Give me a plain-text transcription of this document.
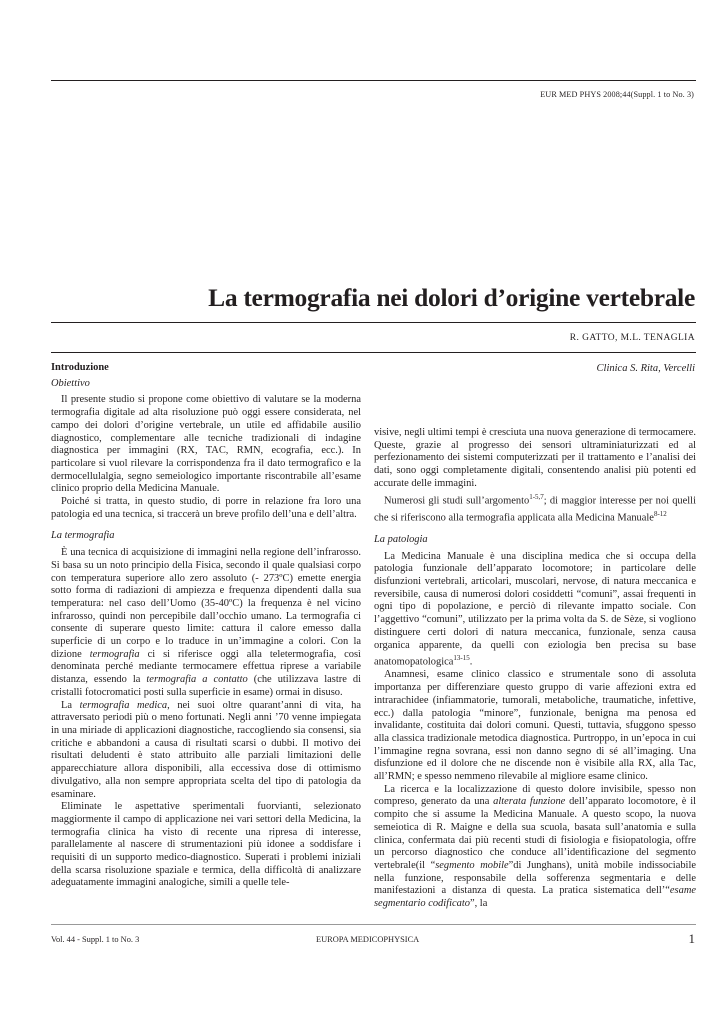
EUR MED PHYS 2008;44(Suppl. 1 to No. 3)
La termografia nei dolori d’origine vertebrale
R. GATTO, M.L. TENAGLIA
Clinica S. Rita, Vercelli

Introduzione

Obiettivo

Il presente studio si propone come obiettivo di valutare se la moderna termografia digitale ad alta risoluzione può oggi essere considerata, nel campo dei dolori d’origine vertebrale, un utile ed affidabile ausilio diagnostico, complementare alle tecniche tradizionali di indagine diagnostica per immagini (RX, TAC, RMN, ecografia, ecc.). In particolare si vuol rilevare la corrispondenza fra il dato termografico e la dermocellulalgia, segno semeiologico importante riscontrabile all’esame clinico proprio della Medicina Manuale.

Poiché si tratta, in questo studio, di porre in relazione fra loro una patologia ed una tecnica, si traccerà un breve profilo dell’una e dell’altra.

La termografia

È una tecnica di acquisizione di immagini nella regione dell’infrarosso. Si basa su un noto principio della Fisica, secondo il quale qualsiasi corpo con temperatura superiore allo zero assoluto (- 273ºC) emette energia sotto forma di radiazioni di ampiezza e frequenza dipendenti dalla sua temperatura: nel caso dell’Uomo (35-40ºC) la frequenza è nel vicino infrarosso, quindi non percepibile dall’occhio umano. La termografia ci consente di superare questo limite: cattura il calore emesso dalla superficie di un corpo e lo traduce in un’immagine a colori. Con la dizione termografia ci si riferisce oggi alla teletermografia, così denominata perché mediante termocamere effettua riprese a variabile distanza, essendo la termografia a contatto (che utilizzava lastre di cristalli fotocromatici posti sulla superficie in esame) ormai in disuso.

La termografia medica, nei suoi oltre quarant’anni di vita, ha attraversato periodi più o meno fortunati. Negli anni ’70 venne impiegata in una miriade di applicazioni diagnostiche, raccogliendo sia consensi, sia critiche e abbandoni a causa di risultati scarsi o dubbi. Il motivo dei risultati deludenti è stato attribuito alle parziali limitazioni delle apparecchiature allora disponibili, alla eccessiva dose di ottimismo divulgativo, alla non sempre appropriata scelta del tipo di patologia da esaminare.

Eliminate le aspettative sperimentali fuorvianti, selezionato maggiormente il campo di applicazione nei vari settori della Medicina, la termografia clinica ha visto di recente una ripresa di interesse, parallelamente al nascere di strumentazioni più idonee a soddisfare i requisiti di un supporto medico-diagnostico. Superati i problemi iniziali della scarsa risoluzione spaziale e termica, della difficoltà di analizzare adeguatamente immagini analogiche, simili a quelle tele-

visive, negli ultimi tempi è cresciuta una nuova generazione di termocamere. Queste, grazie al progresso dei sensori ultraminiaturizzati ed al perfezionamento dei sistemi computerizzati per il trattamento e l’analisi dei dati, sono oggi completamente digitali, consentendo analisi più potenti ed accurate delle immagini.

Numerosi gli studi sull’argomento$^{1-5,7}$; di maggior interesse per noi quelli che si riferiscono alla termografia applicata alla Medicina Manuale$^{8-12}$

La patologia

La Medicina Manuale è una disciplina medica che si occupa della patologia funzionale dell’apparato locomotore; in particolare delle disfunzioni vertebrali, articolari, muscolari, nervose, di natura meccanica e reversibile, causa di numerosi dolori cosiddetti “comuni”, assai frequenti in ogni tipo di popolazione, e perciò di rilevante impatto sociale. Con l’aggettivo “comuni”, utilizzato per la prima volta da S. de Sèze, si vogliono distinguere certi dolori di natura meccanica, funzionale, senza causa organica apparente, da quelli con eziologia ben precisa su base anatomopatologica$^{13-15}$.

Anamnesi, esame clinico classico e strumentale sono di assoluta importanza per differenziare questo gruppo di varie affezioni extra ed intrarachidee (infiammatorie, tumorali, metaboliche, traumatiche, infettive, ecc.) dalla patologia “minore”, funzionale, benigna ma penosa ed invalidante, costituita dai dolori comuni. Questi, tuttavia, sfuggono spesso alla classica tradizionale metodica diagnostica. Purtroppo, in un’epoca in cui l’immagine regna sovrana, essi non danno segno di sé all’imaging. Una disfunzione ed il dolore che ne discende non è visibile alla RX, alla Tac, all’RMN; e spesso nemmeno rilevabile al migliore esame clinico.

La ricerca e la localizzazione di questo dolore invisibile, spesso non compreso, generato da una alterata funzione dell’apparato locomotore, è il compito che si assume la Medicina Manuale. A questo scopo, la nuova semeiotica di R. Maigne e della sua scuola, basata sull’anatomia e sulla clinica, confermata dai più recenti studi di fisiologia e fisiopatologia, offre un percorso diagnostico che conduce all’identificazione del segmento vertebrale(il “segmento mobile”di Junghans), unità mobile indissociabile nella funzione, responsabile della sofferenza segmentaria e delle manifestazioni a distanza di questa. La pratica sistematica dell’“esame segmentario codificato”, la

Vol. 44 - Suppl. 1 to No. 3	EUROPA MEDICOPHYSICA	1
